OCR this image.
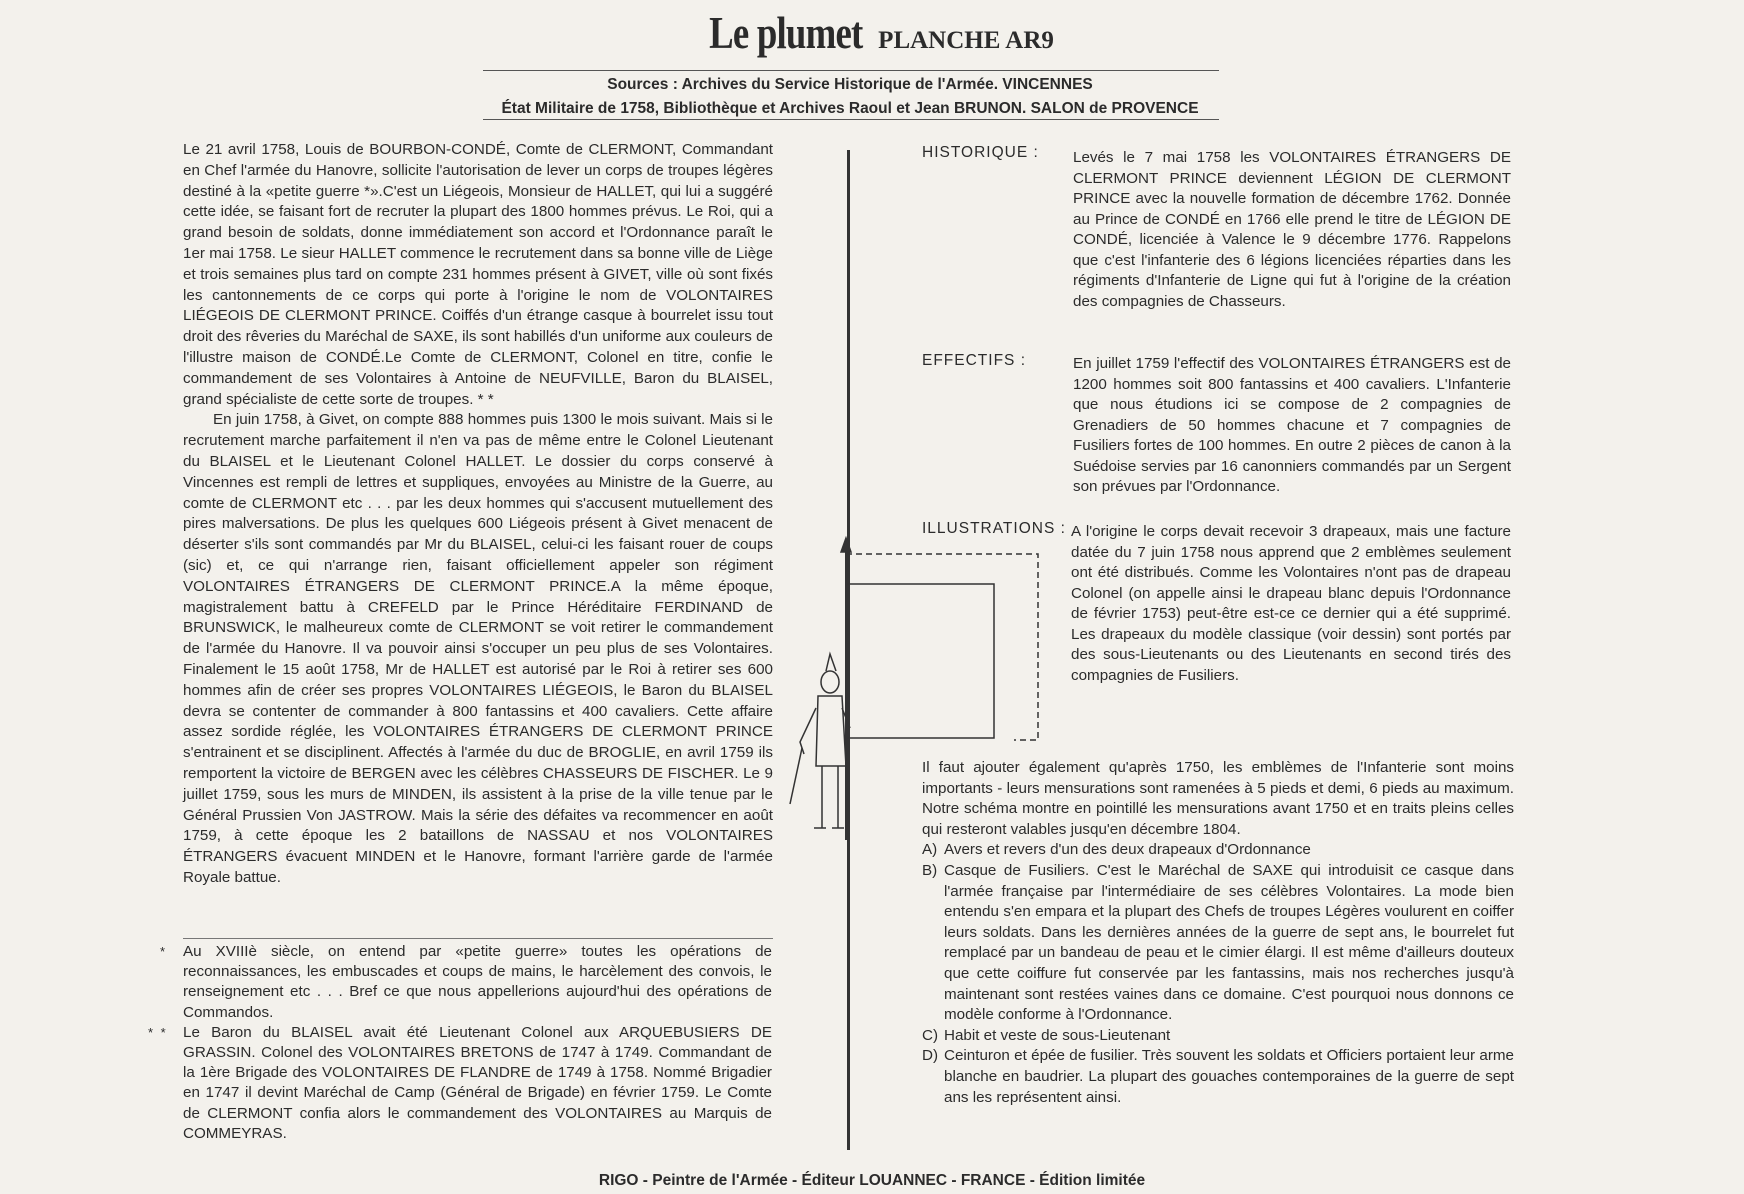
Le plumet PLANCHE AR9
Sources : Archives du Service Historique de l'Armée. VINCENNES
État Militaire de 1758, Bibliothèque et Archives Raoul et Jean BRUNON. SALON de PROVENCE

Le 21 avril 1758, Louis de BOURBON-CONDÉ, Comte de CLERMONT, Commandant en Chef l'armée du Hanovre, sollicite l'autorisation de lever un corps de troupes légères destiné à la «petite guerre *».C'est un Liégeois, Monsieur de HALLET, qui lui a suggéré cette idée, se faisant fort de recruter la plupart des 1800 hommes prévus. Le Roi, qui a grand besoin de soldats, donne immédiatement son accord et l'Ordonnance paraît le 1er mai 1758. Le sieur HALLET commence le recrutement dans sa bonne ville de Liège et trois semaines plus tard on compte 231 hommes présent à GIVET, ville où sont fixés les cantonnements de ce corps qui porte à l'origine le nom de VOLONTAIRES LIÉGEOIS DE CLERMONT PRINCE. Coiffés d'un étrange casque à bourrelet issu tout droit des rêveries du Maréchal de SAXE, ils sont habillés d'un uniforme aux couleurs de l'illustre maison de CONDÉ.Le Comte de CLERMONT, Colonel en titre, confie le commandement de ses Volontaires à Antoine de NEUFVILLE, Baron du BLAISEL, grand spécialiste de cette sorte de troupes. * *

En juin 1758, à Givet, on compte 888 hommes puis 1300 le mois suivant. Mais si le recrutement marche parfaitement il n'en va pas de même entre le Colonel Lieutenant du BLAISEL et le Lieutenant Colonel HALLET. Le dossier du corps conservé à Vincennes est rempli de lettres et suppliques, envoyées au Ministre de la Guerre, au comte de CLERMONT etc . . . par les deux hommes qui s'accusent mutuellement des pires malversations. De plus les quelques 600 Liégeois présent à Givet menacent de déserter s'ils sont commandés par Mr du BLAISEL, celui-ci les faisant rouer de coups (sic) et, ce qui n'arrange rien, faisant officiellement appeler son régiment VOLONTAIRES ÉTRANGERS DE CLERMONT PRINCE.A la même époque, magistralement battu à CREFELD par le Prince Héréditaire FERDINAND de BRUNSWICK, le malheureux comte de CLERMONT se voit retirer le commandement de l'armée du Hanovre. Il va pouvoir ainsi s'occuper un peu plus de ses Volontaires. Finalement le 15 août 1758, Mr de HALLET est autorisé par le Roi à retirer ses 600 hommes afin de créer ses propres VOLONTAIRES LIÉGEOIS, le Baron du BLAISEL devra se contenter de commander à 800 fantassins et 400 cavaliers. Cette affaire assez sordide réglée, les VOLONTAIRES ÉTRANGERS DE CLERMONT PRINCE s'entrainent et se disciplinent. Affectés à l'armée du duc de BROGLIE, en avril 1759 ils remportent la victoire de BERGEN avec les célèbres CHASSEURS DE FISCHER. Le 9 juillet 1759, sous les murs de MINDEN, ils assistent à la prise de la ville tenue par le Général Prussien Von JASTROW. Mais la série des défaites va recommencer en août 1759, à cette époque les 2 bataillons de NASSAU et nos VOLONTAIRES ÉTRANGERS évacuent MINDEN et le Hanovre, formant l'arrière garde de l'armée Royale battue.

* Au XVIIIè siècle, on entend par «petite guerre» toutes les opérations de reconnaissances, les embuscades et coups de mains, le harcèlement des convois, le renseignement etc . . . Bref ce que nous appellerions aujourd'hui des opérations de Commandos.
* * Le Baron du BLAISEL avait été Lieutenant Colonel aux ARQUEBUSIERS DE GRASSIN. Colonel des VOLONTAIRES BRETONS de 1747 à 1749. Commandant de la 1ère Brigade des VOLONTAIRES DE FLANDRE de 1749 à 1758. Nommé Brigadier en 1747 il devint Maréchal de Camp (Général de Brigade) en février 1759. Le Comte de CLERMONT confia alors le commandement des VOLONTAIRES au Marquis de COMMEYRAS.
HISTORIQUE : Levés le 7 mai 1758 les VOLONTAIRES ÉTRANGERS DE CLERMONT PRINCE deviennent LÉGION DE CLERMONT PRINCE avec la nouvelle formation de décembre 1762. Donnée au Prince de CONDÉ en 1766 elle prend le titre de LÉGION DE CONDÉ, licenciée à Valence le 9 décembre 1776. Rappelons que c'est l'infanterie des 6 légions licenciées réparties dans les régiments d'Infanterie de Ligne qui fut à l'origine de la création des compagnies de Chasseurs.
EFFECTIFS :	En juillet 1759 l'effectif des VOLONTAIRES ÉTRANGERS est de 1200 hommes soit 800 fantassins et 400 cavaliers. L'Infanterie que nous étudions ici se compose de 2 compagnies de Grenadiers de 50 hommes chacune et 7 compagnies de Fusiliers fortes de 100 hommes. En outre 2 pièces de canon à la Suédoise servies par 16 canonniers commandés par un Sergent son prévues par l'Ordonnance.
ILLUSTRATIONS : A l'origine le corps devait recevoir 3 drapeaux, mais une facture datée du 7 juin 1758 nous apprend que 2 emblèmes seulement ont été distribués. Comme les Volontaires n'ont pas de drapeau Colonel (on appelle ainsi le drapeau blanc depuis l'Ordonnance de février 1753) peut-être est-ce ce dernier qui a été supprimé. Les drapeaux du modèle classique (voir dessin) sont portés par des sous-Lieutenants ou des Lieutenants en second tirés des compagnies de Fusiliers.

Il faut ajouter également qu'après 1750, les emblèmes de l'Infanterie sont moins importants - leurs mensurations sont ramenées à 5 pieds et demi, 6 pieds au maximum. Notre schéma montre en pointillé les mensurations avant 1750 et en traits pleins celles qui resteront valables jusqu'en décembre 1804.

A) Avers et revers d'un des deux drapeaux d'Ordonnance
B) Casque de Fusiliers. C'est le Maréchal de SAXE qui introduisit ce casque dans l'armée française par l'intermédiaire de ses célèbres Volontaires. La mode bien entendu s'en empara et la plupart des Chefs de troupes Légères voulurent en coiffer leurs soldats. Dans les dernières années de la guerre de sept ans, le bourrelet fut remplacé par un bandeau de peau et le cimier élargi. Il est même d'ailleurs douteux que cette coiffure fut conservée par les fantassins, mais nos recherches jusqu'à maintenant sont restées vaines dans ce domaine. C'est pourquoi nous donnons ce modèle conforme à l'Ordonnance.
C) Habit et veste de sous-Lieutenant
D) Ceinturon et épée de fusilier. Très souvent les soldats et Officiers portaient leur arme blanche en baudrier. La plupart des gouaches contemporaines de la guerre de sept ans les représentent ainsi.
RIGO - Peintre de l'Armée - Éditeur LOUANNEC - FRANCE - Édition limitée
